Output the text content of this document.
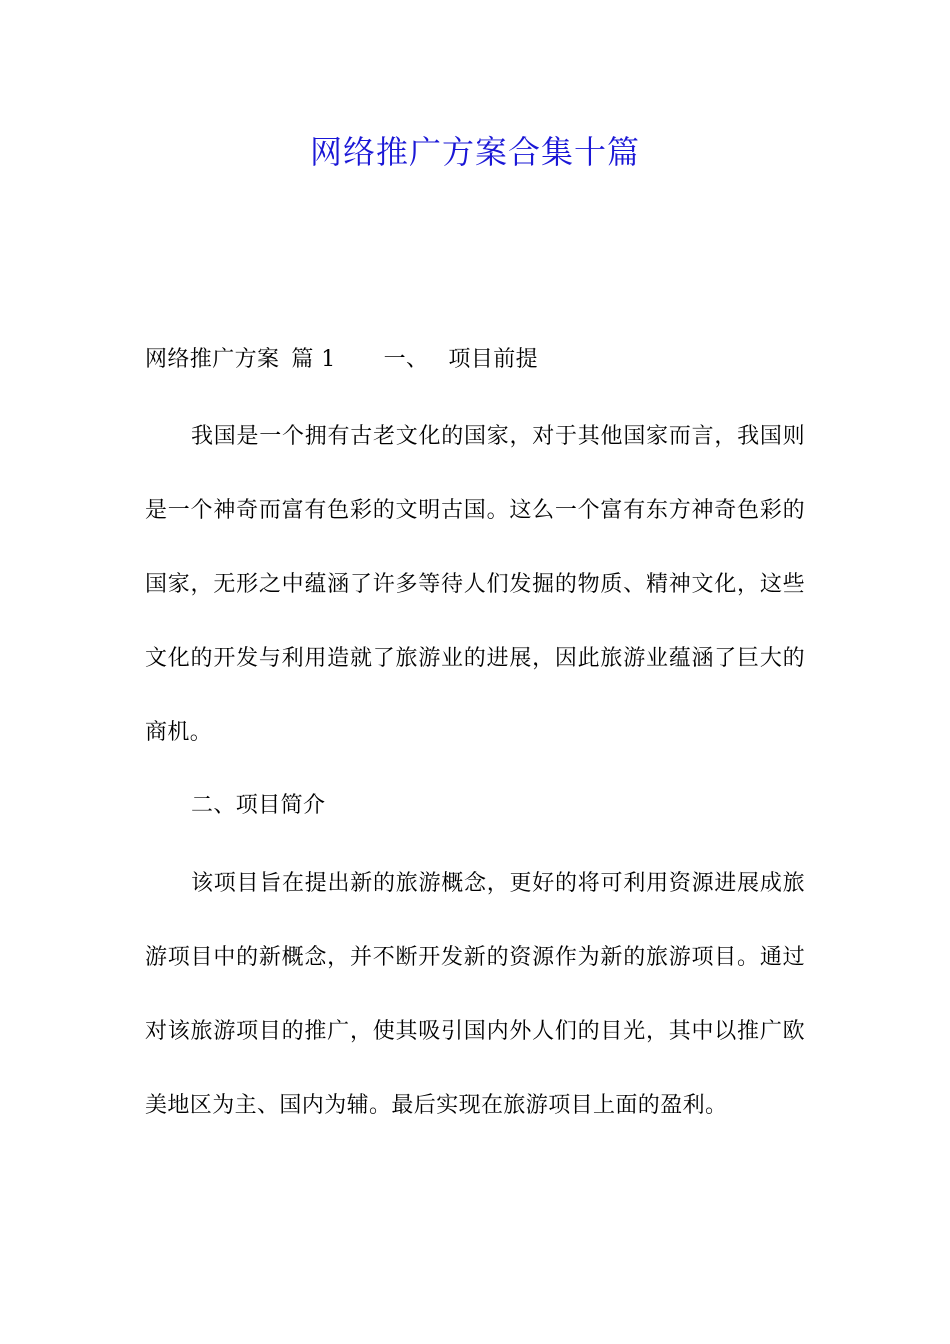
网络推广方案合集十篇
网络推广方案 篇 1 一、 项目前提

我国是一个拥有古老文化的国家，对于其他国家而言，我国则是一个神奇而富有色彩的文明古国。这么一个富有东方神奇色彩的国家，无形之中蕴涵了许多等待人们发掘的物质、精神文化，这些文化的开发与利用造就了旅游业的进展，因此旅游业蕴涵了巨大的商机。

二、项目简介

该项目旨在提出新的旅游概念，更好的将可利用资源进展成旅游项目中的新概念，并不断开发新的资源作为新的旅游项目。通过对该旅游项目的推广，使其吸引国内外人们的目光，其中以推广欧美地区为主、国内为辅。最后实现在旅游项目上面的盈利。
